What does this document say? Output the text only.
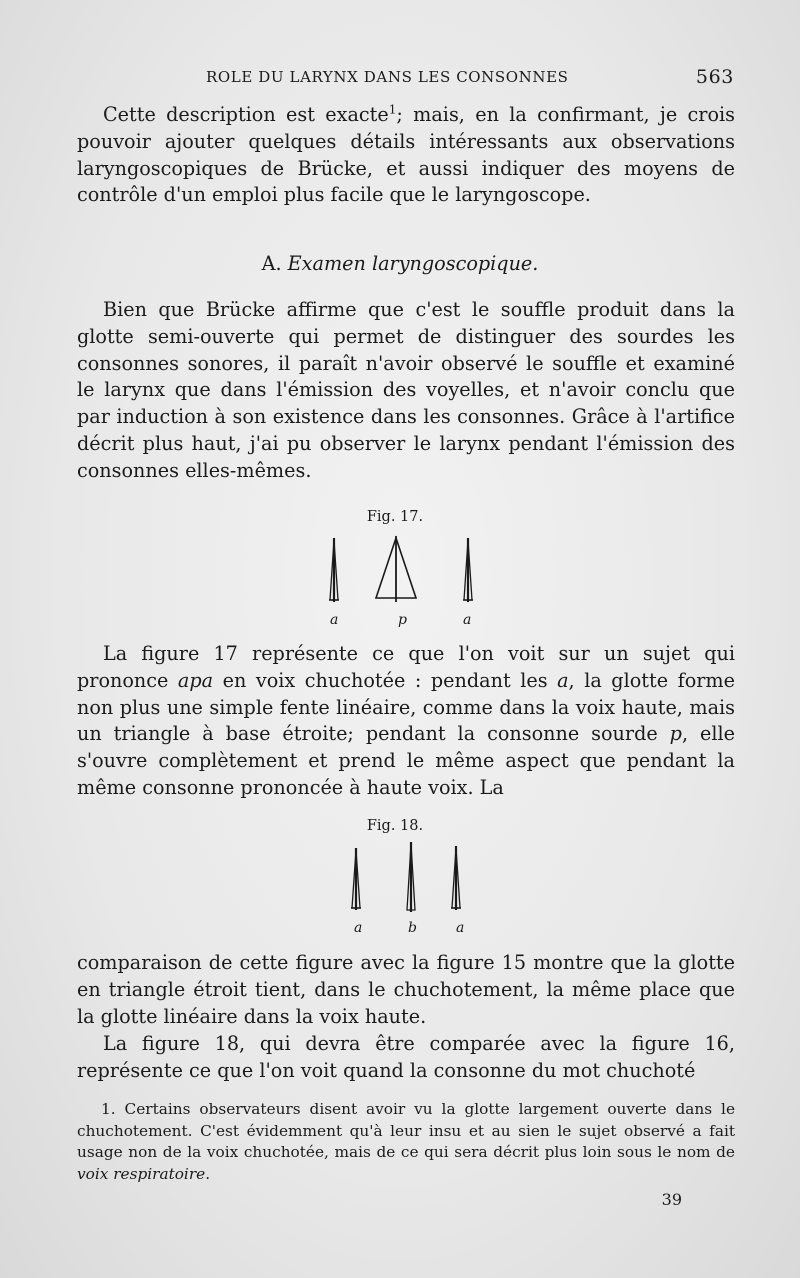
ROLE DU LARYNX DANS LES CONSONNES	563

Cette description est exacte$^1$; mais, en la confirmant, je crois pouvoir ajouter quelques détails intéressants aux observations laryngoscopiques de Brücke, et aussi indiquer des moyens de contrôle d'un emploi plus facile que le laryngoscope.

A. Examen laryngoscopique.

Bien que Brücke affirme que c'est le souffle produit dans la glotte semi-ouverte qui permet de distinguer des sourdes les consonnes sonores, il paraît n'avoir observé le souffle et examiné le larynx que dans l'émission des voyelles, et n'avoir conclu que par induction à son existence dans les consonnes. Grâce à l'artifice décrit plus haut, j'ai pu observer le larynx pendant l'émission des consonnes elles-mêmes.

Fig. 17.
a	p	a

La figure 17 représente ce que l'on voit sur un sujet qui prononce apa en voix chuchotée : pendant les a, la glotte forme non plus une simple fente linéaire, comme dans la voix haute, mais un triangle à base étroite; pendant la consonne sourde p, elle s'ouvre complètement et prend le même aspect que pendant la même consonne prononcée à haute voix. La

Fig. 18.
a	b	a

comparaison de cette figure avec la figure 15 montre que la glotte en triangle étroit tient, dans le chuchotement, la même place que la glotte linéaire dans la voix haute.

La figure 18, qui devra être comparée avec la figure 16, représente ce que l'on voit quand la consonne du mot chuchoté

1. Certains observateurs disent avoir vu la glotte largement ouverte dans le chuchotement. C'est évidemment qu'à leur insu et au sien le sujet observé a fait usage non de la voix chuchotée, mais de ce qui sera décrit plus loin sous le nom de voix respiratoire.

39
